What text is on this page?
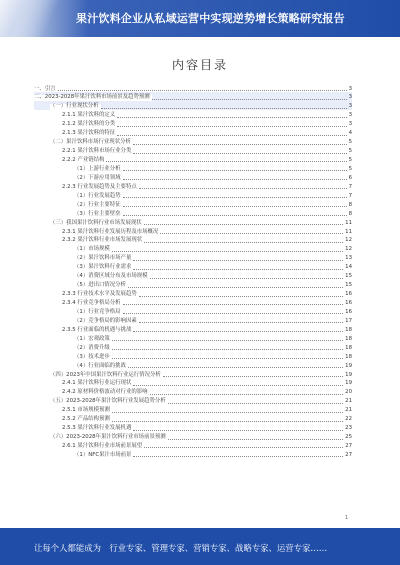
果汁饮料企业从私域运营中实现逆势增长策略研究报告
内容目录
一、引言	3
二、2023-2028年果汁饮料市场前景及趋势预测	3
（一）行业现状分析	3
2.1.1 果汁饮料的定义	3
2.1.2 果汁饮料的分类	3
2.1.3 果汁饮料的特征	4
（二）果汁饮料市场行业现状分析	5
2.2.1 果汁饮料市场行业分类	5
2.2.2 产业链结构	5
（1）上游行业分析	5
（2）下游应用领域	6
2.2.3 行业发展趋势及主要特点	7
（1）行业发展趋势	7
（2）行业主要特征	8
（3）行业主要壁垒	8
（三）我国果汁饮料行业市场发展现状	11
2.3.1 果汁饮料行业发展历程及市场概况	11
2.3.2 果汁饮料行业市场发展现状	12
（1）市场规模	12
（2）果汁饮料市场产量	13
（3）果汁饮料行业需求	14
（4）消费区域分布及市场规模	15
（5）进出口情况分析	15
2.3.3 行业技术水平及发展趋势	16
2.3.4 行业竞争格局分析	16
（1）行业竞争格局	16
（2）竞争格局的影响因素	17
2.3.5 行业面临的机遇与挑战	18
（1）宏观政策	18
（2）消费升级	18
（3）技术进步	18
（4）行业面临的挑战	19
（四）2023年中国果汁饮料行业运行情况分析	19
2.4.1 果汁饮料行业运行现状	19
2.4.2 原材料价格波动对行业的影响	20
（五）2023-2028年果汁饮料行业发展趋势分析	21
2.5.1 市场规模预测	21
2.5.2 产品结构预测	22
2.5.3 果汁饮料行业发展机遇	23
（六）2023-2028年果汁饮料行业市场前景预测	25
2.6.1 果汁饮料行业市场前景展望	27
（1）NFC果汁市场前景	27
1
让每个人都能成为　行业专家、管理专家、营销专家、战略专家、运营专家……
